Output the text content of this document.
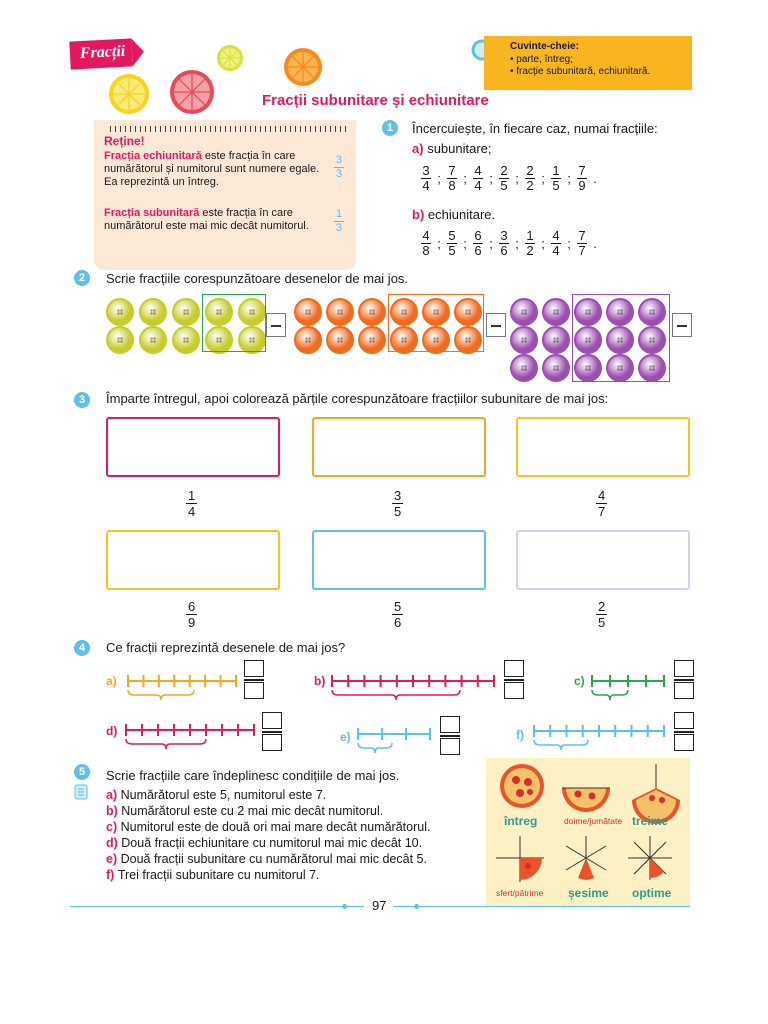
Fracții
Fracții subunitare și echiunitare
Cuvinte-cheie:
• parte, întreg;
• fracție subunitară, echiunitară.
Reține!
Fracția echiunitară este fracția în care numărătorul și numitorul sunt numere egale. Ea reprezintă un întreg.
3
3
Fracția subunitară este fracția în care numărătorul este mai mic decât numitorul.
1
3
1	Încercuiește, în fiecare caz, numai fracțiile:
a) subunitare;
$\frac{3}{4}$ ; $\frac{7}{8}$ ; $\frac{4}{4}$ ; $\frac{2}{5}$ ; $\frac{2}{2}$ ; $\frac{1}{5}$ ; $\frac{7}{9}$ .
b) echiunitare.
$\frac{4}{8}$ ; $\frac{5}{5}$ ; $\frac{6}{6}$ ; $\frac{3}{6}$ ; $\frac{1}{2}$ ; $\frac{4}{4}$ ; $\frac{7}{7}$ .
2	Scrie fracțiile corespunzătoare desenelor de mai jos.
3	Împarte întregul, apoi colorează părțile corespunzătoare fracțiilor subunitare de mai jos:
$\frac{1}{4}$	$\frac{3}{5}$	$\frac{4}{7}$
$\frac{6}{9}$	$\frac{5}{6}$	$\frac{2}{5}$
4	Ce fracții reprezintă desenele de mai jos?
a)	b)	c)
d)	e)	f)
5	Scrie fracțiile care îndeplinesc condițiile de mai jos.
a) Numărătorul este 5, numitorul este 7.
b) Numărătorul este cu 2 mai mic decât numitorul.
c) Numitorul este de două ori mai mare decât numărătorul.
d) Două fracții echiunitare cu numitorul mai mic decât 10.
e) Două fracții subunitare cu numărătorul mai mic decât 5.
f) Trei fracții subunitare cu numitorul 7.
întreg	doime/jumătate treime
sfert/pătrime șesime optime
97
